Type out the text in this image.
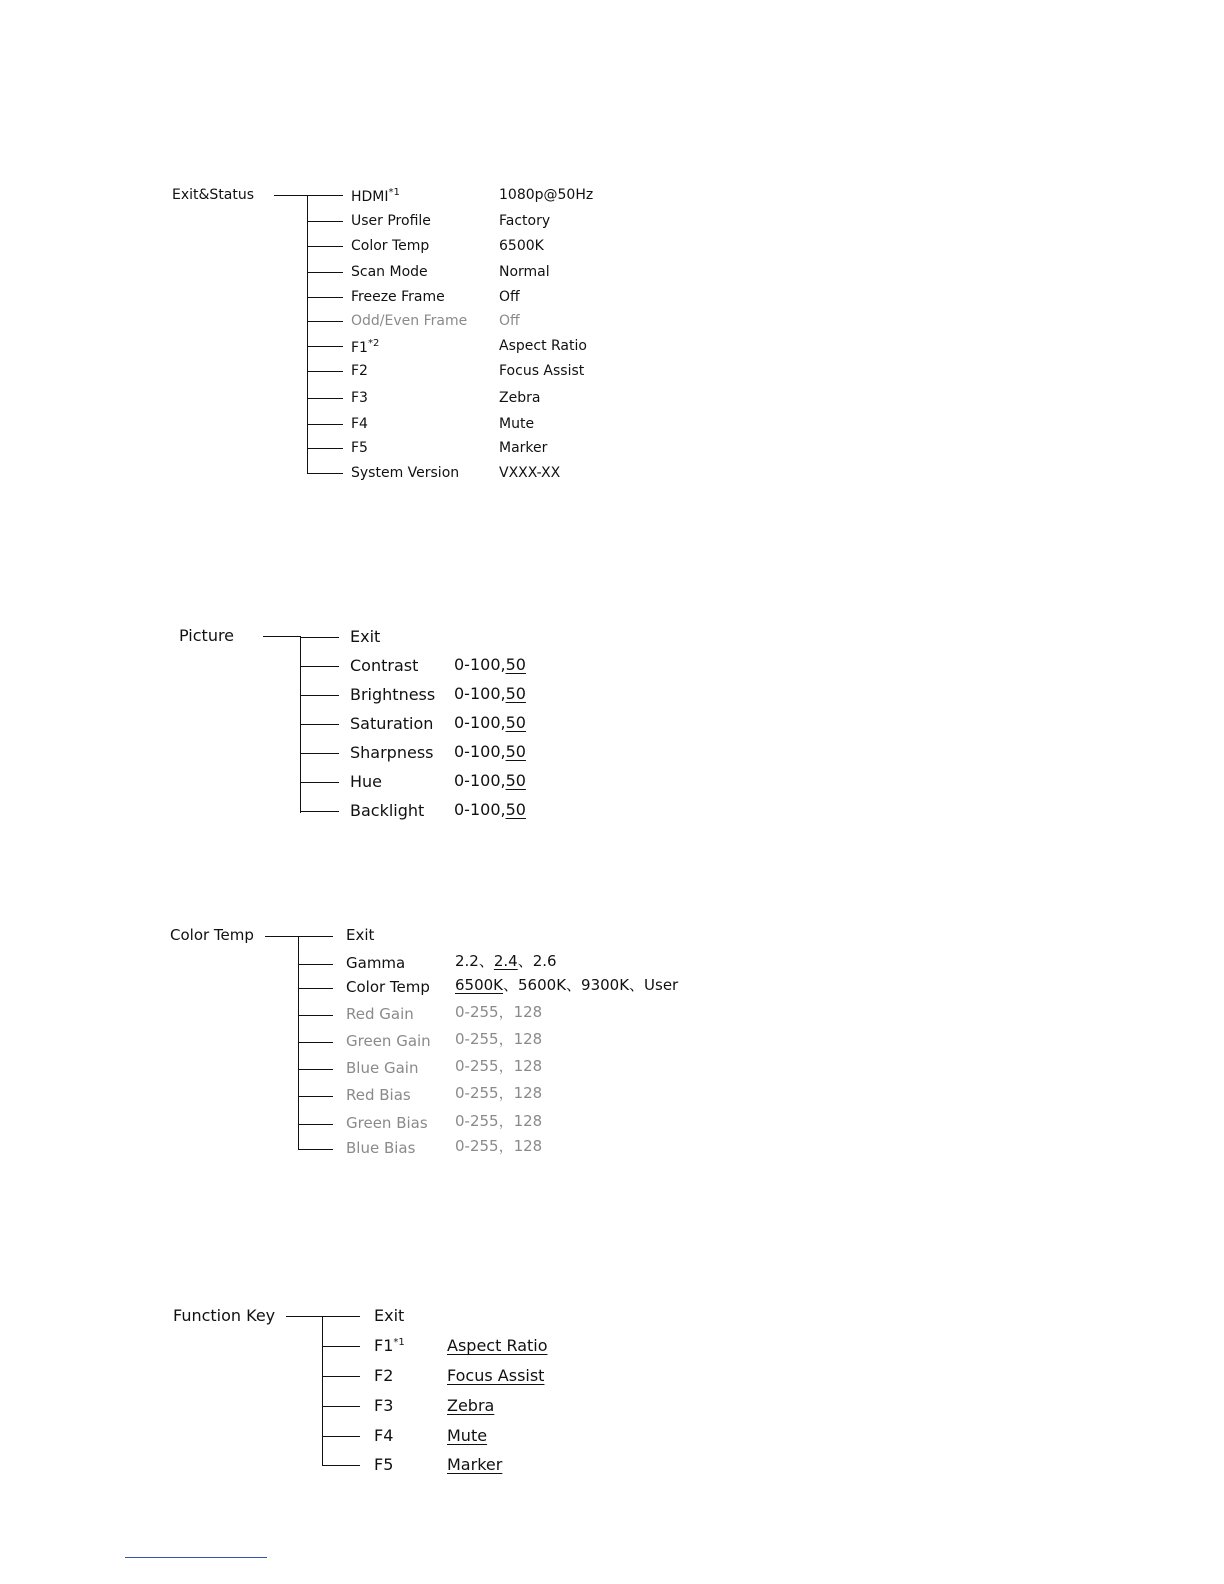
Exit&Status	HDMI$^{*1}$	1080p@50Hz
User Profile	Factory
Color Temp	6500K
Scan Mode	Normal
Freeze Frame	Off
Odd/Even Frame Off
F1$^{*2}$	Aspect Ratio
F2	Focus Assist
F3	Zebra
F4	Mute
F5	Marker
System Version	VXXX-XX
Picture	Exit
Contrast 0-100,50
Brightness 0-100,50
Saturation 0-100,50
Sharpness 0-100,50
Hue	0-100,50
Backlight 0-100,50
Color Temp	Exit
Gamma	2.2、2.4、2.6
Color Temp 6500K、5600K、9300K、User
Red Gain	0-255，128
Green Gain 0-255，128
Blue Gain 0-255，128
Red Bias	0-255，128
Green Bias 0-255，128
Blue Bias	0-255，128
Function Key	Exit
F1$^{*1}$	Aspect Ratio
F2	Focus Assist
F3	Zebra
F4	Mute
F5	Marker
